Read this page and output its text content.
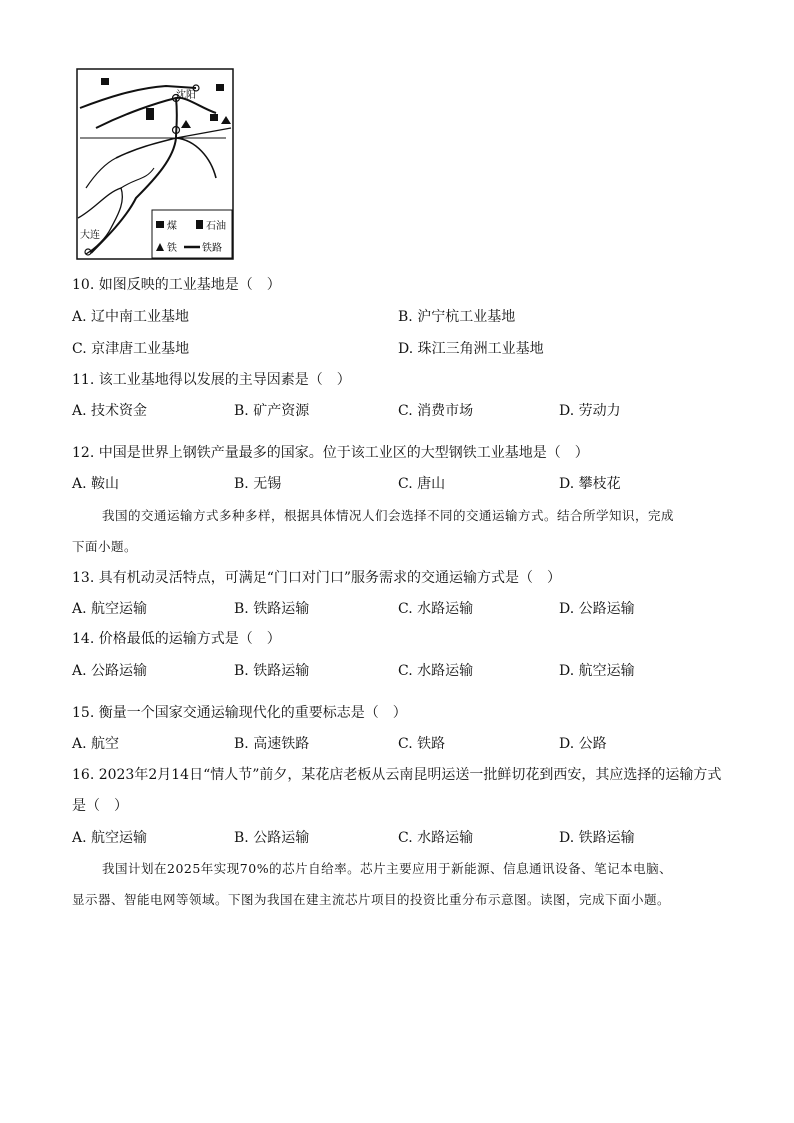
沈阳
大连
煤	石油
铁	铁路
10. 如图反映的工业基地是（　）
A. 辽中南工业基地	B. 沪宁杭工业基地
C. 京津唐工业基地	D. 珠江三角洲工业基地
11. 该工业基地得以发展的主导因素是（　）
A. 技术资金	B. 矿产资源	C. 消费市场	D. 劳动力
12. 中国是世界上钢铁产量最多的国家。位于该工业区的大型钢铁工业基地是（　）
A. 鞍山	B. 无锡	C. 唐山	D. 攀枝花
我国的交通运输方式多种多样，根据具体情况人们会选择不同的交通运输方式。结合所学知识，完成
下面小题。
13. 具有机动灵活特点，可满足“门口对门口”服务需求的交通运输方式是（　）
A. 航空运输	B. 铁路运输	C. 水路运输	D. 公路运输
14. 价格最低的运输方式是（　）
A. 公路运输	B. 铁路运输	C. 水路运输	D. 航空运输
15. 衡量一个国家交通运输现代化的重要标志是（　）
A. 航空	B. 高速铁路	C. 铁路	D. 公路
16. 2023年2月14日“情人节”前夕，某花店老板从云南昆明运送一批鲜切花到西安，其应选择的运输方式
是（　）
A. 航空运输	B. 公路运输	C. 水路运输	D. 铁路运输
我国计划在2025年实现70%的芯片自给率。芯片主要应用于新能源、信息通讯设备、笔记本电脑、
显示器、智能电网等领域。下图为我国在建主流芯片项目的投资比重分布示意图。读图，完成下面小题。
